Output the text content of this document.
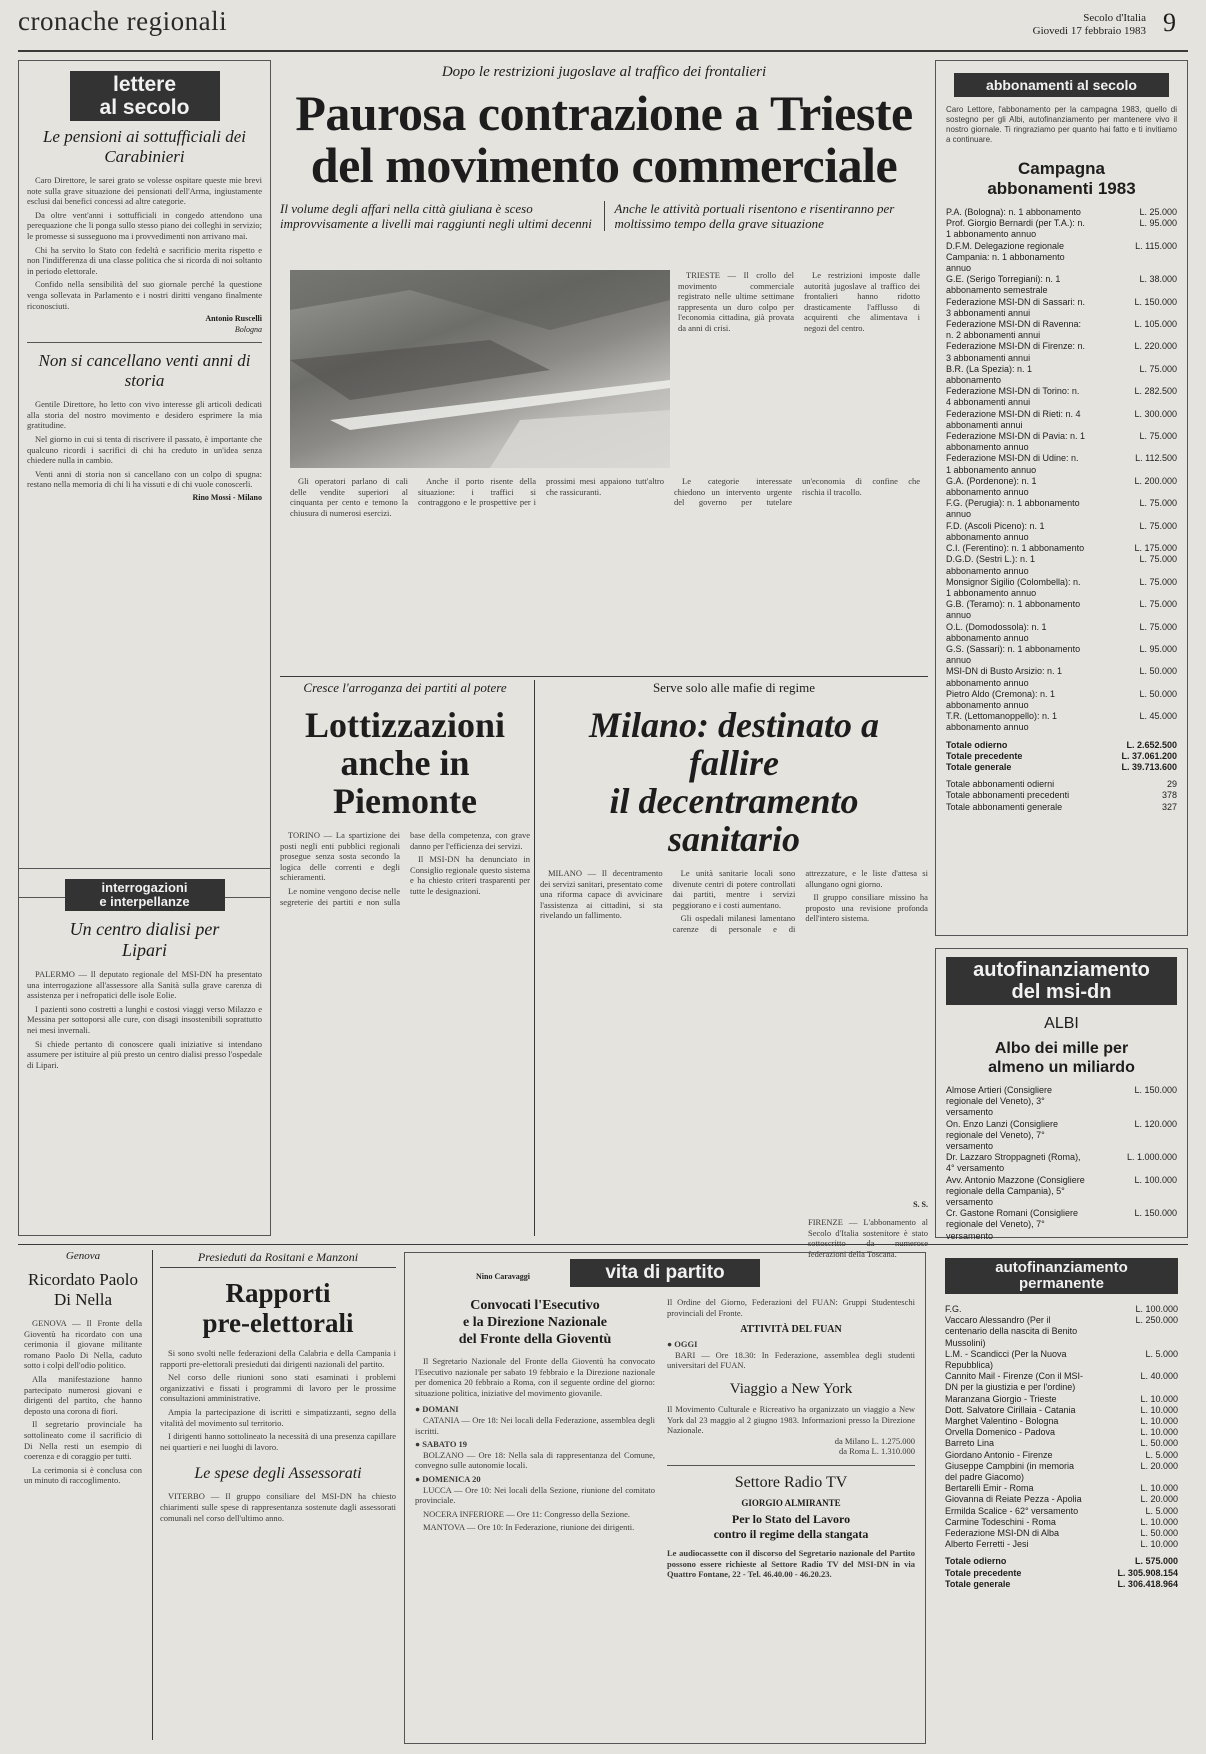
cronache regionali	Secolo d'Italia
Giovedi 17 febbraio 1983 9
lettere
al secolo
Le pensioni ai sottufficiali dei Carabinieri

Caro Direttore, le sarei grato se volesse ospitare queste mie brevi note sulla grave situazione dei pensionati dell'Arma, ingiustamente esclusi dai benefici concessi ad altre categorie.

Da oltre vent'anni i sottufficiali in congedo attendono una perequazione che li ponga sullo stesso piano dei colleghi in servizio; le promesse si susseguono ma i provvedimenti non arrivano mai.

Chi ha servito lo Stato con fedeltà e sacrificio merita rispetto e non l'indifferenza di una classe politica che si ricorda di noi soltanto in periodo elettorale.

Confido nella sensibilità del suo giornale perché la questione venga sollevata in Parlamento e i nostri diritti vengano finalmente riconosciuti.

Antonio Ruscelli
Bologna
Non si cancellano venti anni di storia

Gentile Direttore, ho letto con vivo interesse gli articoli dedicati alla storia del nostro movimento e desidero esprimere la mia gratitudine.

Nel giorno in cui si tenta di riscrivere il passato, è importante che qualcuno ricordi i sacrifici di chi ha creduto in un'idea senza chiedere nulla in cambio.

Venti anni di storia non si cancellano con un colpo di spugna: restano nella memoria di chi li ha vissuti e di chi vuole conoscerli.

Rino Mossi - Milano
interrogazioni
e interpellanze
Un centro dialisi per Lipari

PALERMO — Il deputato regionale del MSI-DN ha presentato una interrogazione all'assessore alla Sanità sulla grave carenza di assistenza per i nefropatici delle isole Eolie.

I pazienti sono costretti a lunghi e costosi viaggi verso Milazzo e Messina per sottoporsi alle cure, con disagi insostenibili soprattutto nei mesi invernali.

Si chiede pertanto di conoscere quali iniziative si intendano assumere per istituire al più presto un centro dialisi presso l'ospedale di Lipari.

Dopo le restrizioni jugoslave al traffico dei frontalieri
Paurosa contrazione a Trieste
del movimento commerciale
Il volume degli affari nella città giuliana è sceso improvvisamente a livelli mai raggiunti negli ultimi decenni
Anche le attività portuali risentono e risentiranno per moltissimo tempo della grave situazione

Gli operatori parlano di cali delle vendite superiori al cinquanta per cento e temono la chiusura di numerosi esercizi.

Anche il porto risente della situazione: i traffici si contraggono e le prospettive per i prossimi mesi appaiono tutt'altro che rassicuranti.

Le categorie interessate chiedono un intervento urgente del governo per tutelare un'economia di confine che rischia il tracollo.

TRIESTE — Il crollo del movimento commerciale registrato nelle ultime settimane rappresenta un duro colpo per l'economia cittadina, già provata da anni di crisi.

Le restrizioni imposte dalle autorità jugoslave al traffico dei frontalieri hanno ridotto drasticamente l'afflusso di acquirenti che alimentava i negozi del centro.

Cresce l'arroganza dei partiti al potere
Lottizzazioni
anche in Piemonte

TORINO — La spartizione dei posti negli enti pubblici regionali prosegue senza sosta secondo la logica delle correnti e degli schieramenti.

Le nomine vengono decise nelle segreterie dei partiti e non sulla base della competenza, con grave danno per l'efficienza dei servizi.

Il MSI-DN ha denunciato in Consiglio regionale questo sistema e ha chiesto criteri trasparenti per tutte le designazioni.

Nino Caravaggi
Serve solo alle mafie di regime
Milano: destinato a fallire
il decentramento sanitario

MILANO — Il decentramento dei servizi sanitari, presentato come una riforma capace di avvicinare l'assistenza ai cittadini, si sta rivelando un fallimento.

Le unità sanitarie locali sono divenute centri di potere controllati dai partiti, mentre i servizi peggiorano e i costi aumentano.

Gli ospedali milanesi lamentano carenze di personale e di attrezzature, e le liste d'attesa si allungano ogni giorno.

Il gruppo consiliare missino ha proposto una revisione profonda dell'intero sistema.

S. S.
FIRENZE — L'abbonamento al Secolo d'Italia sostenitore è stato federazioni della Toscana.
abbonamenti al secolo
Caro Lettore, l'abbonamento per la campagna 1983, quello di sostegno per gli Albi, autofinanziamento per mantenere vivo il nostro giornale. Ti ringraziamo per quanto hai fatto e ti invitiamo a continuare.
Campagna
abbonamenti 1983
P.A. (Bologna): n. 1 abbonamento	L. 25.000
Prof. Giorgio Bernardi (per T.A.): n. 1 abbonamento annuo
L. 95.000
D.F.M. Delegazione regionale Campania: n. 1 abbonamento annuo
L. 115.000
G.E. (Serigo Torregiani): n. 1 abbonamento semestrale
L. 38.000
Federazione MSI-DN di Sassari: n. 3 abbonamenti annui
L. 150.000
Federazione MSI-DN di Ravenna: n. 2 abbonamenti annui
L. 105.000
Federazione MSI-DN di Firenze: n. 3 abbonamenti annui
L. 220.000
B.R. (La Spezia): n. 1 abbonamento
L. 75.000
Federazione MSI-DN di Torino: n. 4 abbonamenti annui
L. 282.500
Federazione MSI-DN di Rieti: n. 4 abbonamenti annui
L. 300.000
Federazione MSI-DN di Pavia: n. 1 abbonamento annuo
L. 75.000
Federazione MSI-DN di Udine: n. 1 abbonamento annuo
L. 112.500
G.A. (Pordenone): n. 1 abbonamento annuo
L. 200.000
F.G. (Perugia): n. 1 abbonamento annuo
L. 75.000
F.D. (Ascoli Piceno): n. 1 abbonamento annuo
L. 75.000
C.I. (Ferentino): n. 1 abbonamento	L. 175.000
D.G.D. (Sestri L.): n. 1 abbonamento annuo
L. 75.000
Monsignor Sigilio (Colombella): n. 1 abbonamento annuo
L. 75.000
G.B. (Teramo): n. 1 abbonamento annuo
L. 75.000
O.L. (Domodossola): n. 1 abbonamento annuo
L. 75.000
G.S. (Sassari): n. 1 abbonamento annuo
L. 95.000
MSI-DN di Busto Arsizio: n. 1 abbonamento annuo
L. 50.000
Pietro Aldo (Cremona): n. 1 abbonamento annuo
L. 50.000
T.R. (Lettomanoppello): n. 1 abbonamento annuo
L. 45.000
Totale odierno	L. 2.652.500
Totale precedente	L. 37.061.200
Totale generale	L. 39.713.600
Totale abbonamenti odierni	29
Totale abbonamenti precedenti	378
Totale abbonamenti generale	327
autofinanziamento
del msi-dn
ALBI
Albo dei mille per almeno un miliardo
Almose Artieri (Consigliere regionale del Veneto), 3° versamento
L. 150.000
On. Enzo Lanzi (Consigliere regionale del Veneto), 7° versamento
L. 120.000
Dr. Lazzaro Stroppagneti (Roma), 4° versamento
L. 1.000.000
Avv. Antonio Mazzone (Consigliere regionale della Campania), 5° versamento
L. 100.000
Cr. Gastone Romani (Consigliere regionale del Veneto), 7° versamento
L. 150.000
Genova
Ricordato Paolo Di Nella

GENOVA — Il Fronte della Gioventù ha ricordato con una cerimonia il giovane militante romano Paolo Di Nella, caduto sotto i colpi dell'odio politico.

Alla manifestazione hanno partecipato numerosi giovani e dirigenti del partito, che hanno deposto una corona di fiori.

Il segretario provinciale ha sottolineato come il sacrificio di Di Nella resti un esempio di coerenza e di coraggio per tutti.

La cerimonia si è conclusa con un minuto di raccoglimento.

Presieduti da Rositani e Manzoni
Rapporti
pre-elettorali

Si sono svolti nelle federazioni della Calabria e della Campania i rapporti pre-elettorali presieduti dai dirigenti nazionali del partito.

Nel corso delle riunioni sono stati esaminati i problemi organizzativi e fissati i programmi di lavoro per le prossime consultazioni amministrative.

Ampia la partecipazione di iscritti e simpatizzanti, segno della vitalità del movimento sul territorio.

I dirigenti hanno sottolineato la necessità di una presenza capillare nei quartieri e nei luoghi di lavoro.

Le spese degli Assessorati

VITERBO — Il gruppo consiliare del MSI-DN ha chiesto chiarimenti sulle spese di rappresentanza sostenute dagli assessorati comunali nel corso dell'ultimo anno.

vita di partito
Convocati l'Esecutivo
e la Direzione Nazionale
del Fronte della Gioventù

Il Segretario Nazionale del Fronte della Gioventù ha convocato l'Esecutivo nazionale per sabato 19 febbraio e la Direzione nazionale per domenica 20 febbraio a Roma, con il seguente ordine del giorno: situazione politica, iniziative del movimento giovanile.

● DOMANI

CATANIA — Ore 18: Nei locali della Federazione, assemblea degli iscritti.

● SABATO 19

BOLZANO — Ore 18: Nella sala di rappresentanza del Comune, convegno sulle autonomie locali.

● DOMENICA 20

LUCCA — Ore 10: Nei locali della Sezione, riunione del comitato provinciale.

NOCERA INFERIORE — Ore 11: Congresso della Sezione.

MANTOVA — Ore 10: In Federazione, riunione dei dirigenti.

Il Ordine del Giorno, Federazioni del FUAN: Gruppi Studenteschi provinciali del Fronte.
ATTIVITÀ DEL FUAN
● OGGI

BARI — Ore 18.30: In Federazione, assemblea degli studenti universitari del FUAN.

Viaggio a New York
Il Movimento Culturale e Ricreativo ha organizzato un viaggio a New York dal 23 maggio al 2 giugno 1983. Informazioni presso la Direzione Nazionale.
da Milano L. 1.275.000
da Roma L. 1.310.000
Settore Radio TV
GIORGIO ALMIRANTE
Per lo Stato del Lavoro
contro il regime della stangata
Le audiocassette con il discorso del Segretario nazionale del Partito possono essere richieste al Settore Radio TV del MSI-DN in via Quattro Fontane, 22 - Tel. 46.40.00 - 46.20.23.
autofinanziamento
permanente
F.G.	L. 100.000
Vaccaro Alessandro (Per il centenario della nascita di Benito Mussolini)
L. 250.000
L.M. - Scandicci (Per la Nuova Repubblica)
L. 5.000
Cannito Mail - Firenze (Con il MSI-DN per la giustizia e per l'ordine)
L. 40.000
Maranzana Giorgio - Trieste	L. 10.000
Dott. Salvatore Cirillaia - Catania	L. 10.000
Marghet Valentino - Bologna	L. 10.000
Orvella Domenico - Padova	L. 10.000
Barreto Lina	L. 50.000
Giordano Antonio - Firenze	L. 5.000
Giuseppe Campbini (in memoria del padre Giacomo)
L. 20.000
Bertarelli Emir - Roma	L. 10.000
Giovanna di Reiate Pezza - Apolia	L. 20.000
Ermilda Scalice - 62° versamento	L. 5.000
Carmine Todeschini - Roma	L. 10.000
Federazione MSI-DN di Alba	L. 50.000
Alberto Ferretti - Jesi	L. 10.000
Totale odierno	L. 575.000
Totale precedente	L. 305.908.154
Totale generale	L. 306.418.964
